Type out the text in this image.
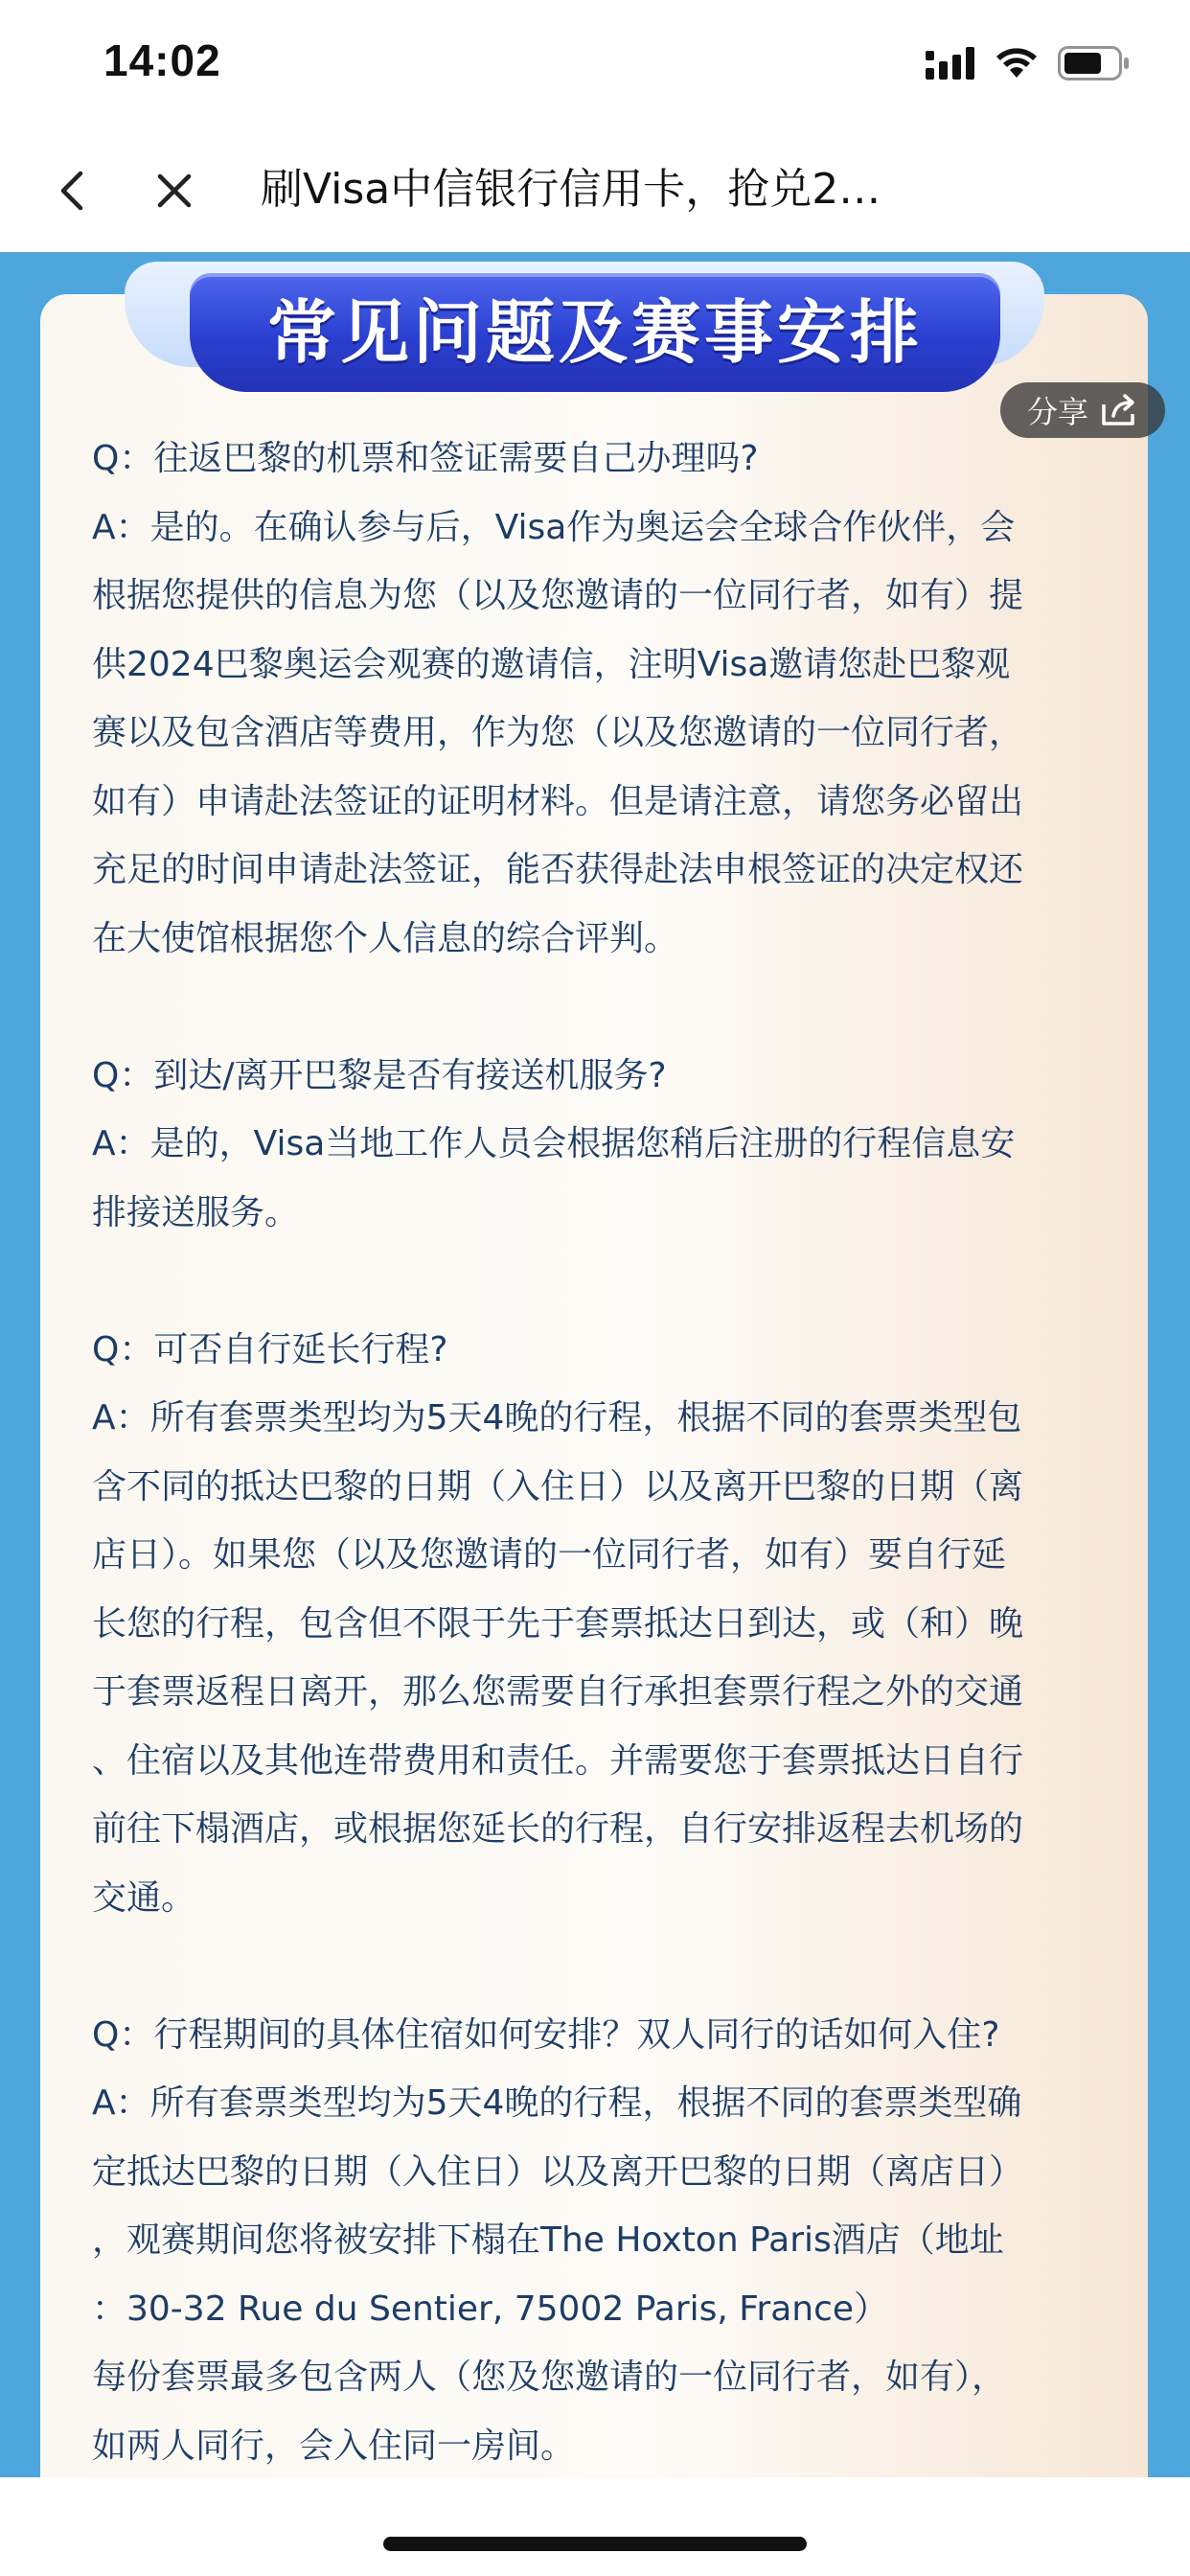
14:02
刷Visa中信银行信用卡，抢兑2…
常见问题及赛事安排
分享

Q：往返巴黎的机票和签证需要自己办理吗?

A：是的。在确认参与后，Visa作为奥运会全球合作伙伴，会

根据您提供的信息为您（以及您邀请的一位同行者，如有）提

供2024巴黎奥运会观赛的邀请信，注明Visa邀请您赴巴黎观

赛以及包含酒店等费用，作为您（以及您邀请的一位同行者，

如有）申请赴法签证的证明材料。但是请注意，请您务必留出

充足的时间申请赴法签证，能否获得赴法申根签证的决定权还

在大使馆根据您个人信息的综合评判。

Q：到达/离开巴黎是否有接送机服务?

A：是的，Visa当地工作人员会根据您稍后注册的行程信息安

排接送服务。

Q：可否自行延长行程?

A：所有套票类型均为5天4晚的行程，根据不同的套票类型包

含不同的抵达巴黎的日期（入住日）以及离开巴黎的日期（离

店日）。如果您（以及您邀请的一位同行者，如有）要自行延

长您的行程，包含但不限于先于套票抵达日到达，或（和）晚

于套票返程日离开，那么您需要自行承担套票行程之外的交通

、住宿以及其他连带费用和责任。并需要您于套票抵达日自行

前往下榻酒店，或根据您延长的行程，自行安排返程去机场的

交通。

Q：行程期间的具体住宿如何安排？双人同行的话如何入住?

A：所有套票类型均为5天4晚的行程，根据不同的套票类型确

定抵达巴黎的日期（入住日）以及离开巴黎的日期（离店日）

，观赛期间您将被安排下榻在The Hoxton Paris酒店（地址

：30-32 Rue du Sentier, 75002 Paris, France）

每份套票最多包含两人（您及您邀请的一位同行者，如有），

如两人同行，会入住同一房间。
